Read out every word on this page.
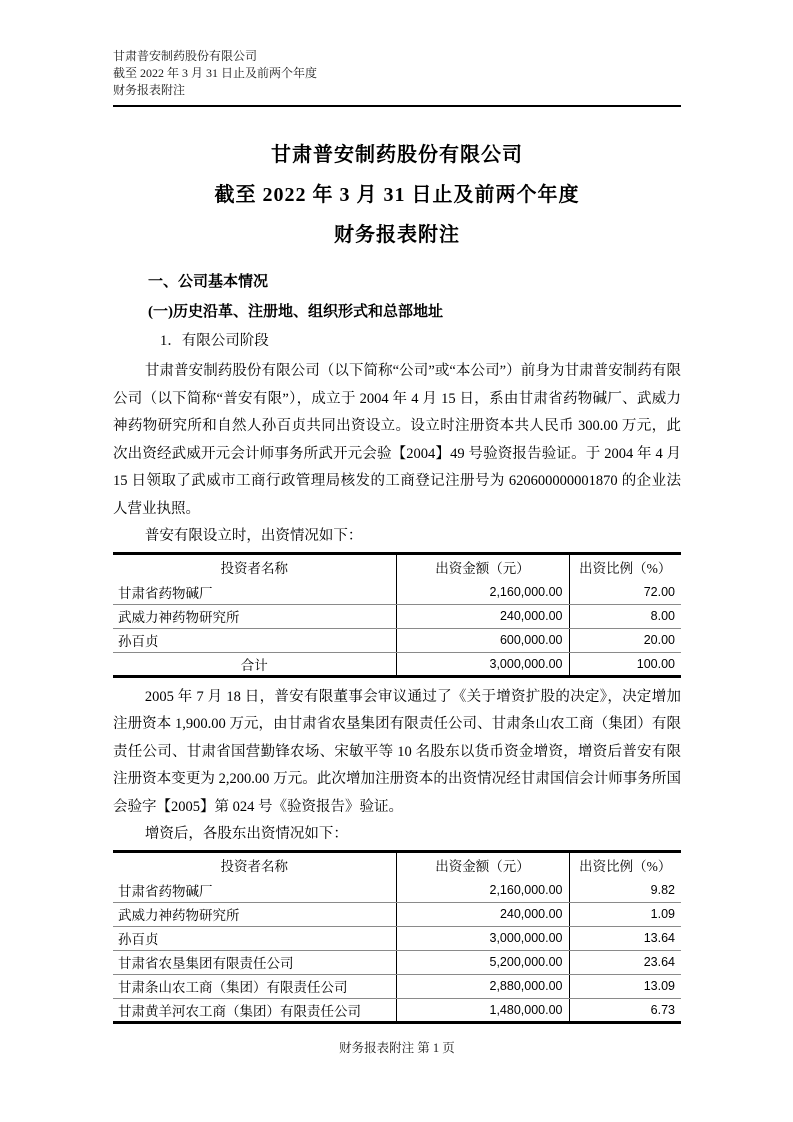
甘肃普安制药股份有限公司
截至 2022 年 3 月 31 日止及前两个年度
财务报表附注
甘肃普安制药股份有限公司
截至 2022 年 3 月 31 日止及前两个年度
财务报表附注
一、公司基本情况
(一)历史沿革、注册地、组织形式和总部地址
1．有限公司阶段

甘肃普安制药股份有限公司（以下简称“公司”或“本公司”）前身为甘肃普安制药有限公司（以下简称“普安有限”），成立于 2004 年 4 月 15 日，系由甘肃省药物碱厂、武威力神药物研究所和自然人孙百贞共同出资设立。设立时注册资本共人民币 300.00 万元，此次出资经武威开元会计师事务所武开元会验【2004】49 号验资报告验证。于 2004 年 4 月 15 日领取了武威市工商行政管理局核发的工商登记注册号为 620600000001870 的企业法人营业执照。

普安有限设立时，出资情况如下：

投资者名称	出资金额（元）	出资比例（%）
甘肃省药物碱厂	2,160,000.00	72.00
武威力神药物研究所	240,000.00	8.00
孙百贞	600,000.00	20.00
合计	3,000,000.00	100.00

2005 年 7 月 18 日，普安有限董事会审议通过了《关于增资扩股的决定》，决定增加注册资本 1,900.00 万元，由甘肃省农垦集团有限责任公司、甘肃条山农工商（集团）有限责任公司、甘肃省国营勤锋农场、宋敏平等 10 名股东以货币资金增资，增资后普安有限注册资本变更为 2,200.00 万元。此次增加注册资本的出资情况经甘肃国信会计师事务所国会验字【2005】第 024 号《验资报告》验证。

增资后，各股东出资情况如下：

投资者名称	出资金额（元）	出资比例（%）
甘肃省药物碱厂	2,160,000.00	9.82
武威力神药物研究所	240,000.00	1.09
孙百贞	3,000,000.00	13.64
甘肃省农垦集团有限责任公司	5,200,000.00	23.64
甘肃条山农工商（集团）有限责任公司	2,880,000.00	13.09
甘肃黄羊河农工商（集团）有限责任公司	1,480,000.00	6.73
财务报表附注 第 1 页
